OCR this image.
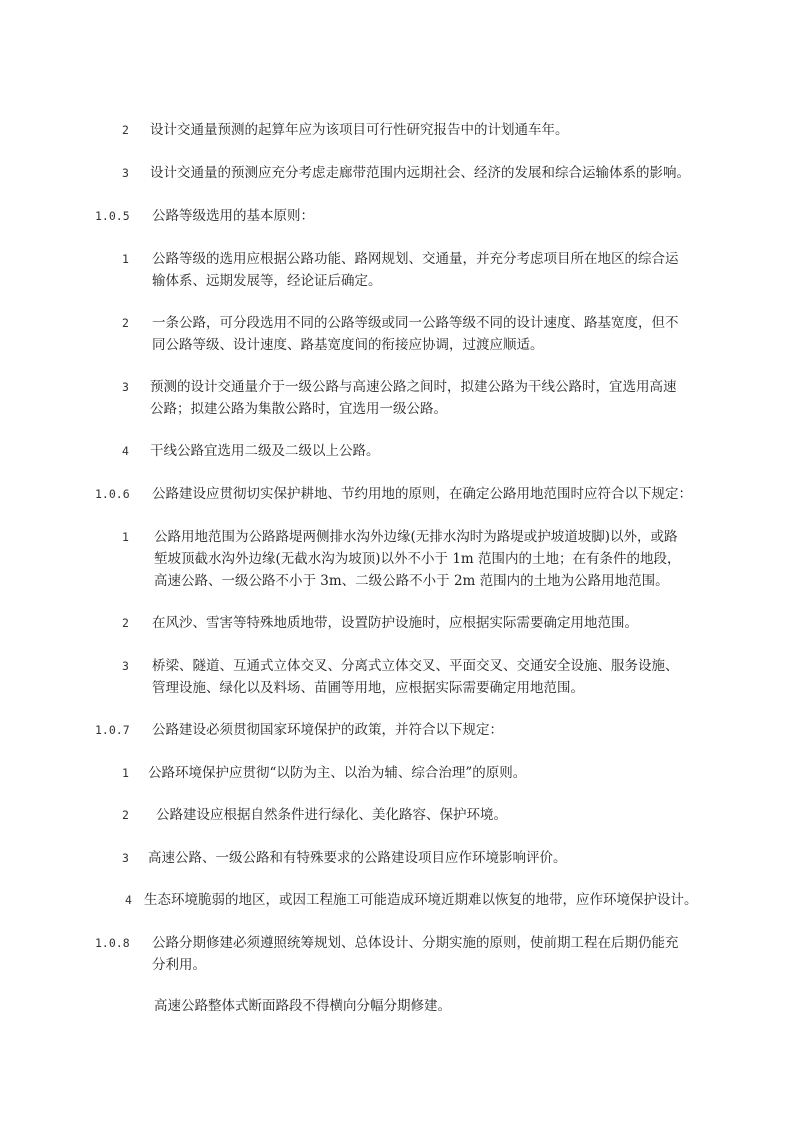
2 设计交通量预测的起算年应为该项目可行性研究报告中的计划通车年。
3 设计交通量的预测应充分考虑走廊带范围内远期社会、经济的发展和综合运输体系的影响。
1.0.5 公路等级选用的基本原则：
1 公路等级的选用应根据公路功能、路网规划、交通量，并充分考虑项目所在地区的综合运
输体系、远期发展等，经论证后确定。
2 一条公路，可分段选用不同的公路等级或同一公路等级不同的设计速度、路基宽度，但不
同公路等级、设计速度、路基宽度间的衔接应协调，过渡应顺适。
3 预测的设计交通量介于一级公路与高速公路之间时，拟建公路为干线公路时，宜选用高速
公路；拟建公路为集散公路时，宜选用一级公路。
4 干线公路宜选用二级及二级以上公路。
1.0.6 公路建设应贯彻切实保护耕地、节约用地的原则，在确定公路用地范围时应符合以下规定：
1 公路用地范围为公路路堤两侧排水沟外边缘(无排水沟时为路堤或护坡道坡脚)以外，或路
堑坡顶截水沟外边缘(无截水沟为坡顶)以外不小于 1m 范围内的土地；在有条件的地段，
高速公路、一级公路不小于 3m、二级公路不小于 2m 范围内的土地为公路用地范围。
2 在风沙、雪害等特殊地质地带，设置防护设施时，应根据实际需要确定用地范围。
3 桥梁、隧道、互通式立体交叉、分离式立体交叉、平面交叉、交通安全设施、服务设施、
管理设施、绿化以及料场、苗圃等用地，应根据实际需要确定用地范围。
1.0.7 公路建设必须贯彻国家环境保护的政策，并符合以下规定：
1 公路环境保护应贯彻“以防为主、以治为辅、综合治理”的原则。
2 公路建设应根据自然条件进行绿化、美化路容、保护环境。
3 高速公路、一级公路和有特殊要求的公路建设项目应作环境影响评价。
4 生态环境脆弱的地区，或因工程施工可能造成环境近期难以恢复的地带，应作环境保护设计。
1.0.8 公路分期修建必须遵照统筹规划、总体设计、分期实施的原则，使前期工程在后期仍能充
分利用。
高速公路整体式断面路段不得横向分幅分期修建。
